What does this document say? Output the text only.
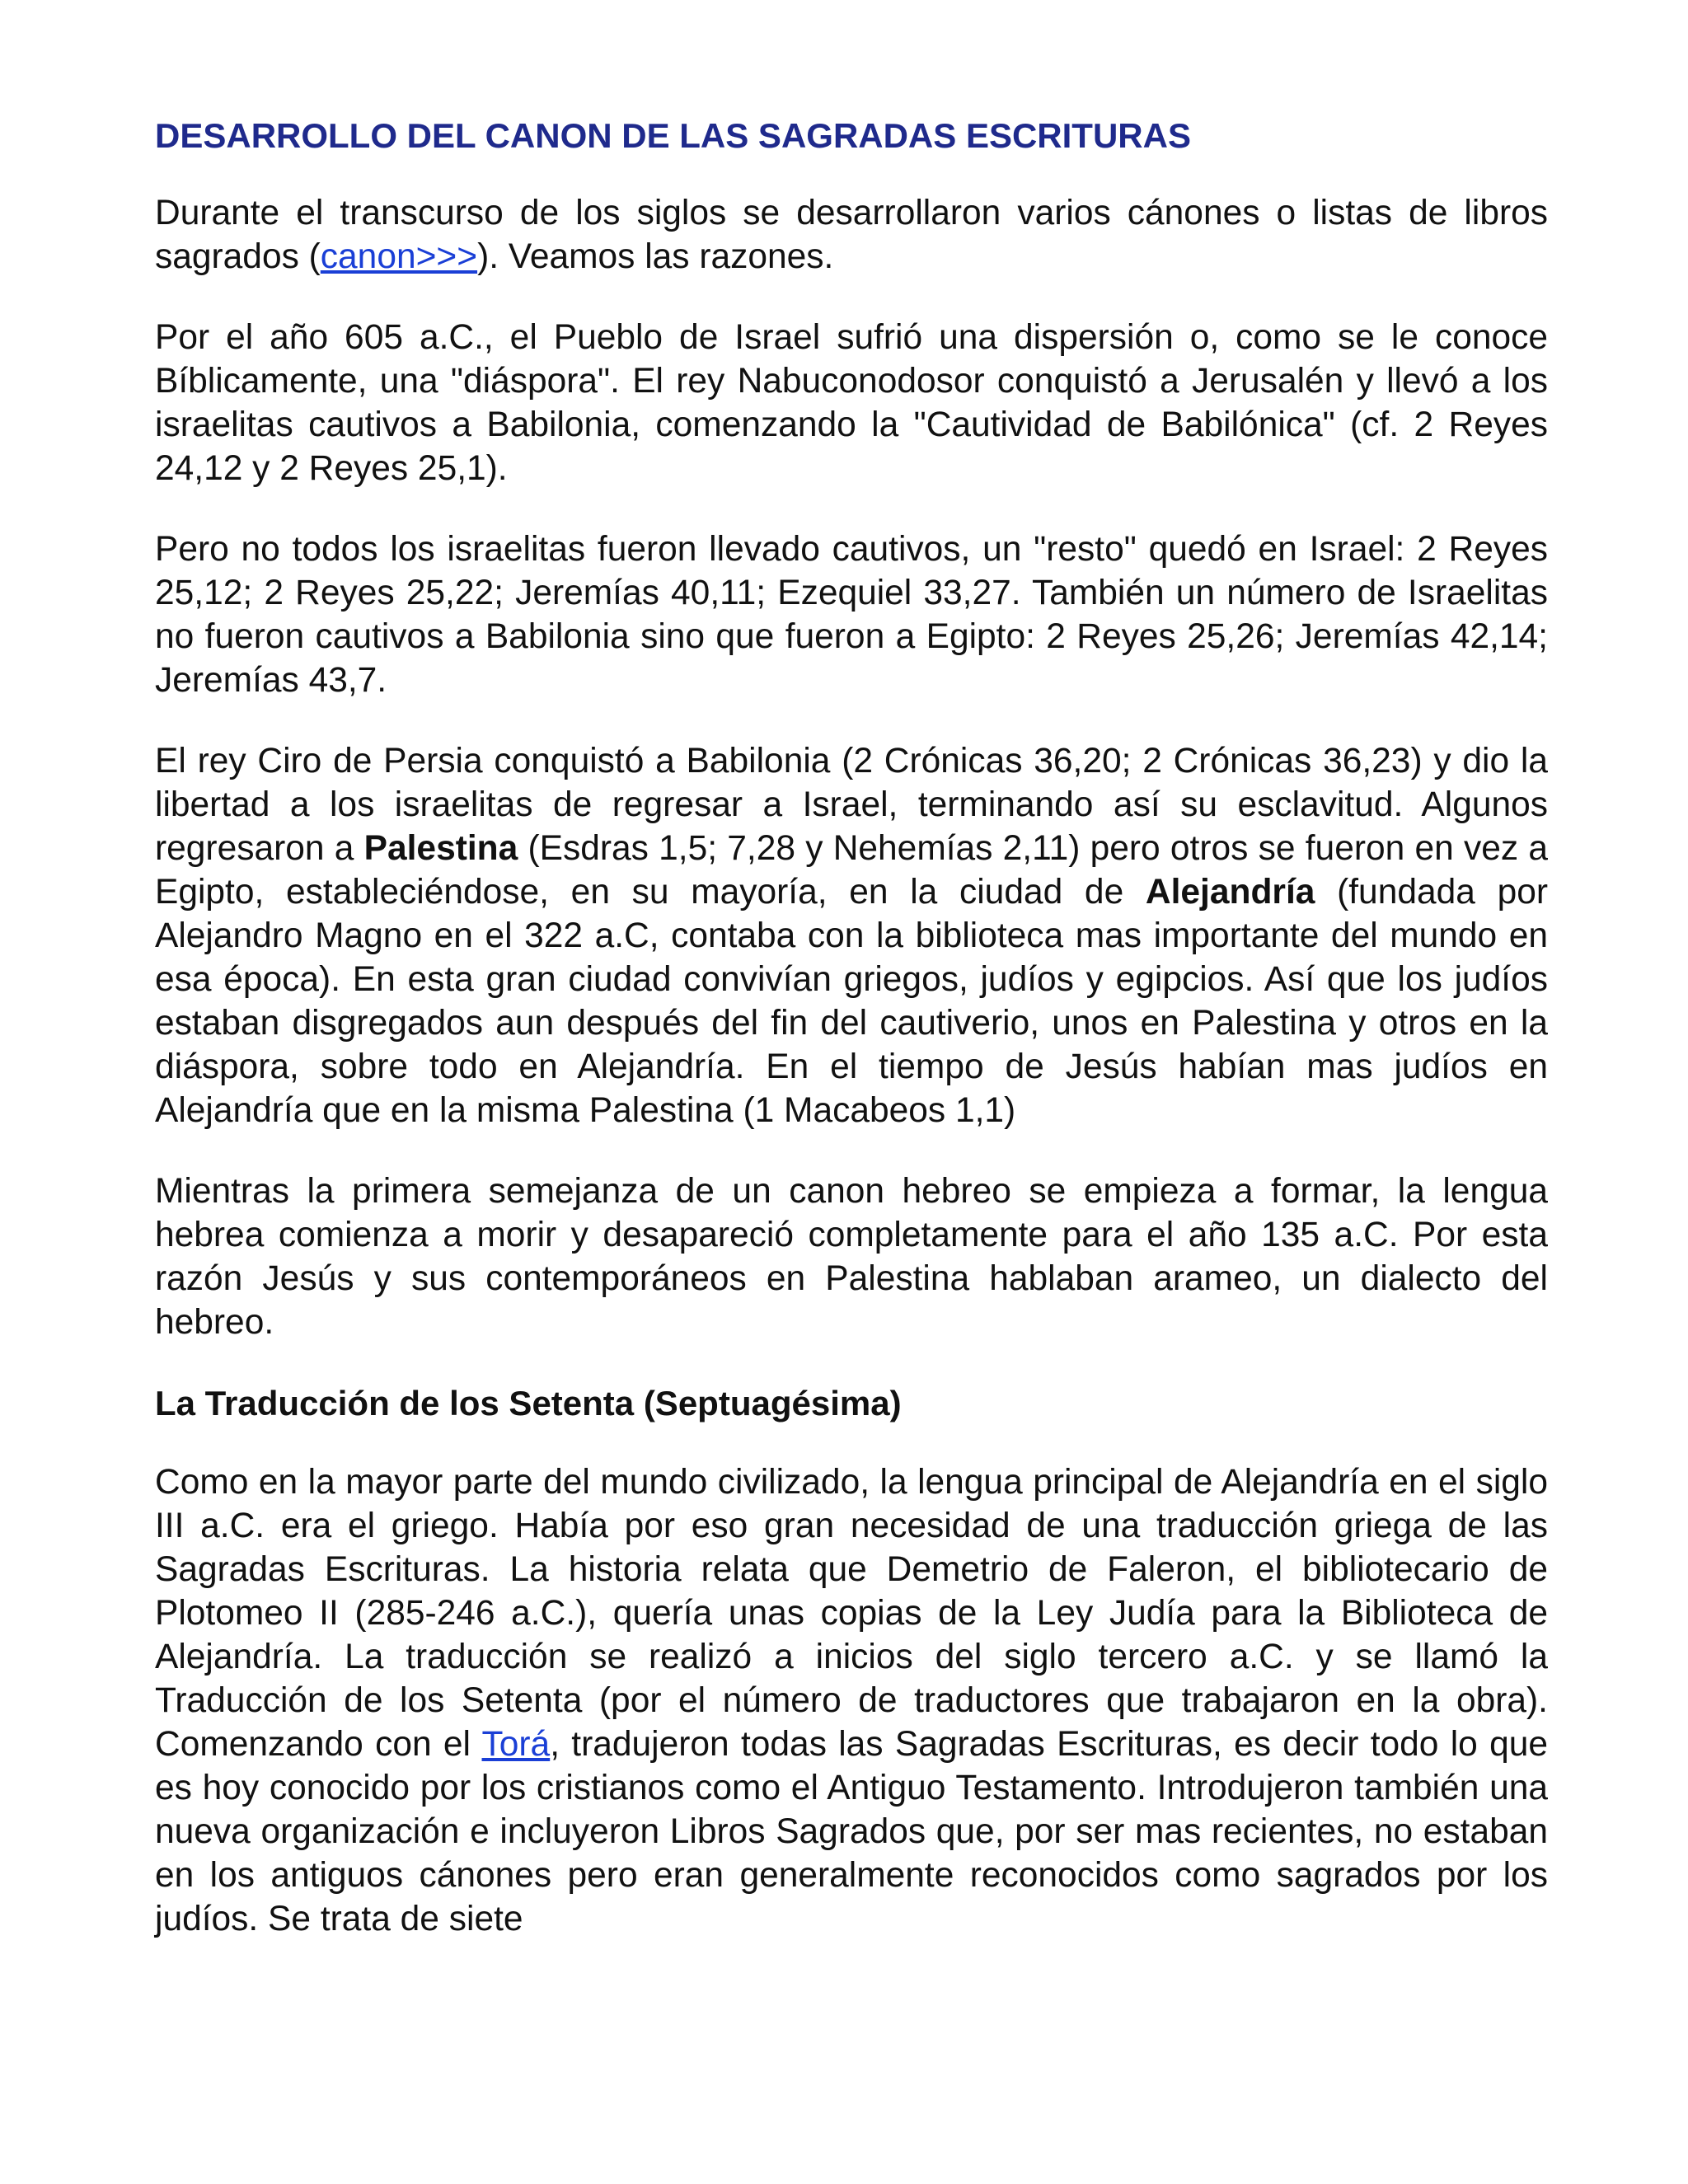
DESARROLLO DEL CANON DE LAS SAGRADAS ESCRITURAS

Durante el transcurso de los siglos se desarrollaron varios cánones o listas de libros sagrados (canon>>>). Veamos las razones.

Por el año 605 a.C., el Pueblo de Israel sufrió una dispersión o, como se le conoce Bíblicamente, una "diáspora". El rey Nabuconodosor conquistó a Jerusalén y llevó a los israelitas cautivos a Babilonia, comenzando la "Cautividad de Babilónica" (cf. 2 Reyes 24,12 y 2 Reyes 25,1).

Pero no todos los israelitas fueron llevado cautivos, un "resto" quedó en Israel: 2 Reyes 25,12; 2 Reyes 25,22; Jeremías 40,11; Ezequiel 33,27. También un número de Israelitas no fueron cautivos a Babilonia sino que fueron a Egipto: 2 Reyes 25,26; Jeremías 42,14; Jeremías 43,7.

El rey Ciro de Persia conquistó a Babilonia (2 Crónicas 36,20; 2 Crónicas 36,23) y dio la libertad a los israelitas de regresar a Israel, terminando así su esclavitud. Algunos regresaron a Palestina (Esdras 1,5; 7,28 y Nehemías 2,11) pero otros se fueron en vez a Egipto, estableciéndose, en su mayoría, en la ciudad de Alejandría (fundada por Alejandro Magno en el 322 a.C, contaba con la biblioteca mas importante del mundo en esa época). En esta gran ciudad convivían griegos, judíos y egipcios. Así que los judíos estaban disgregados aun después del fin del cautiverio, unos en Palestina y otros en la diáspora, sobre todo en Alejandría. En el tiempo de Jesús habían mas judíos en Alejandría que en la misma Palestina (1 Macabeos 1,1)

Mientras la primera semejanza de un canon hebreo se empieza a formar, la lengua hebrea comienza a morir y desapareció completamente para el año 135 a.C. Por esta razón Jesús y sus contemporáneos en Palestina hablaban arameo, un dialecto del hebreo.

La Traducción de los Setenta (Septuagésima)

Como en la mayor parte del mundo civilizado, la lengua principal de Alejandría en el siglo III a.C. era el griego. Había por eso gran necesidad de una traducción griega de las Sagradas Escrituras. La historia relata que Demetrio de Faleron, el bibliotecario de Plotomeo II (285-246 a.C.), quería unas copias de la Ley Judía para la Biblioteca de Alejandría. La traducción se realizó a inicios del siglo tercero a.C. y se llamó la Traducción de los Setenta (por el número de traductores que trabajaron en la obra). Comenzando con el Torá, tradujeron todas las Sagradas Escrituras, es decir todo lo que es hoy conocido por los cristianos como el Antiguo Testamento. Introdujeron también una nueva organización e incluyeron Libros Sagrados que, por ser mas recientes, no estaban en los antiguos cánones pero eran generalmente reconocidos como sagrados por los judíos. Se trata de siete
